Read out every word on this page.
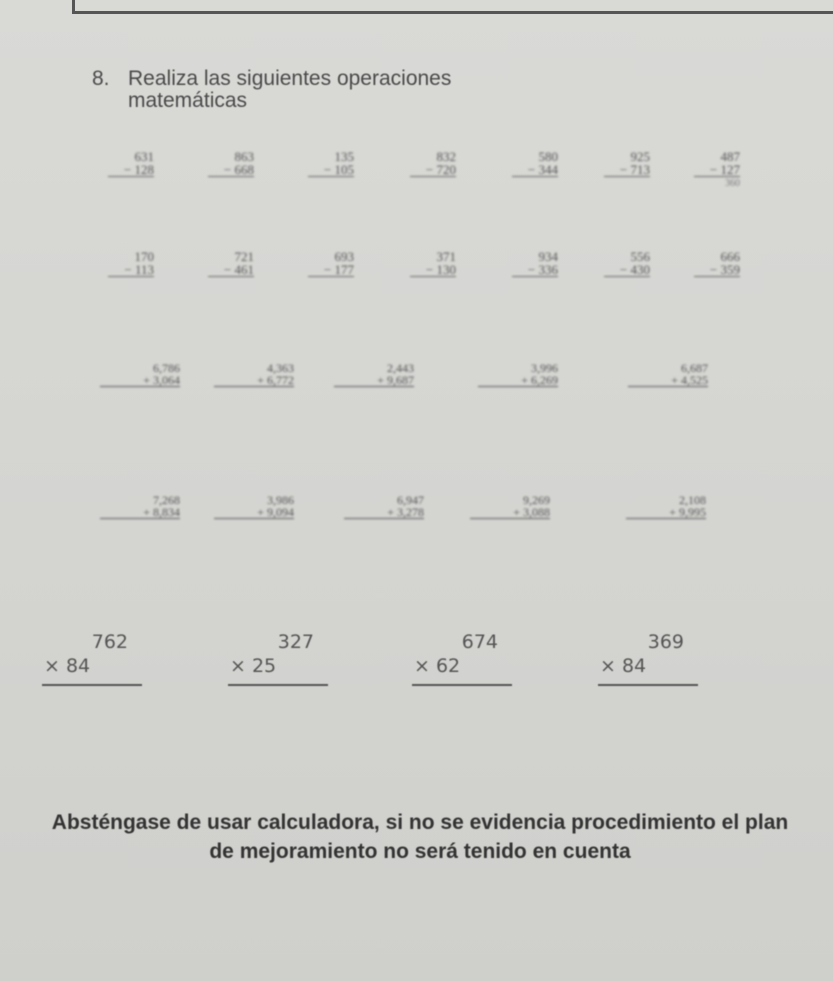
8. Realiza las siguientes operaciones
matemáticas
631
− 128
863
− 668
135
− 105
832
− 720
580
− 344
925
− 713
487
− 127
360
170
− 113
721
− 461
693
− 177
371
− 130
934
− 336
556
− 430
666
− 359
6,786
+ 3,064
4,363
+ 6,772
2,443
+ 9,687
3,996
+ 6,269
6,687
+ 4,525
7,268
+ 8,834
3,986
+ 9,094
6,947
+ 3,278
9,269
+ 3,088
2,108
+ 9,995
762
× 84
327
× 25
674
× 62
369
× 84
Absténgase de usar calculadora, si no se evidencia procedimiento el plan de mejoramiento no será tenido en cuenta
